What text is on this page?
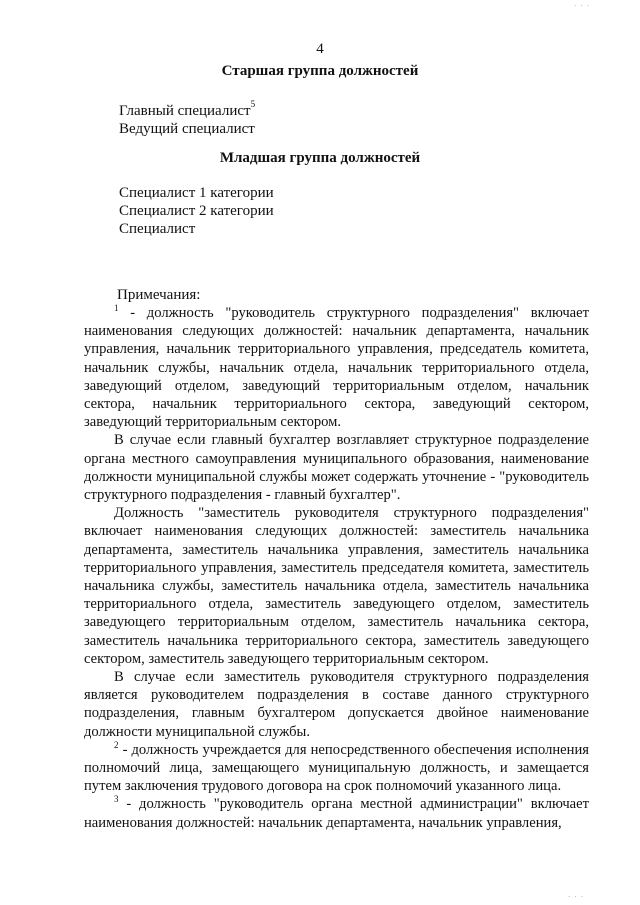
· · ·
4
Старшая группа должностей
Главный специалист$^5$
Ведущий специалист
Младшая группа должностей
Специалист 1 категории
Специалист 2 категории
Специалист
Примечания:

$^1$ - должность "руководитель структурного подразделения" включает наименования следующих должностей: начальник департамента, начальник управления, начальник территориального управления, председатель комитета, начальник службы, начальник отдела, начальник территориального отдела, заведующий отделом, заведующий территориальным отделом, начальник сектора, начальник территориального сектора, заведующий сектором, заведующий территориальным сектором.

В случае если главный бухгалтер возглавляет структурное подразделение органа местного самоуправления муниципального образования, наименование должности муниципальной службы может содержать уточнение - "руководитель структурного подразделения - главный бухгалтер".

Должность "заместитель руководителя структурного подразделения" включает наименования следующих должностей: заместитель начальника департамента, заместитель начальника управления, заместитель начальника территориального управления, заместитель председателя комитета, заместитель начальника службы, заместитель начальника отдела, заместитель начальника территориального отдела, заместитель заведующего отделом, заместитель заведующего территориальным отделом, заместитель начальника сектора, заместитель начальника территориального сектора, заместитель заведующего сектором, заместитель заведующего территориальным сектором.

В случае если заместитель руководителя структурного подразделения является руководителем подразделения в составе данного структурного подразделения, главным бухгалтером допускается двойное наименование должности муниципальной службы.

$^2$ - должность учреждается для непосредственного обеспечения исполнения полномочий лица, замещающего муниципальную должность, и замещается путем заключения трудового договора на срок полномочий указанного лица.

$^3$ - должность "руководитель органа местной администрации" включает наименования должностей: начальник департамента, начальник управления,

· · ·
